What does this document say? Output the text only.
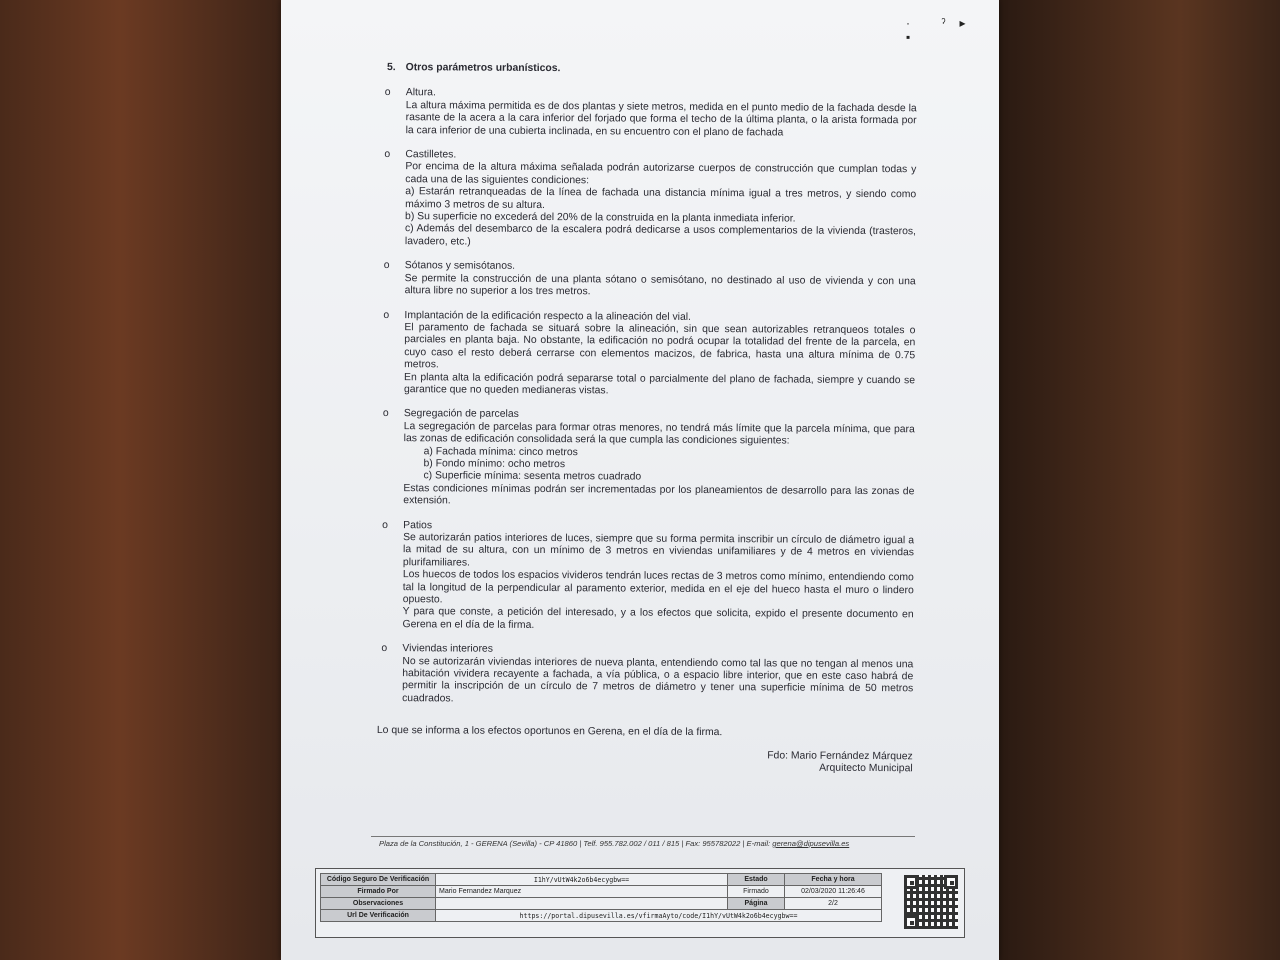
· ˀ▸ ▪
5. Otros parámetros urbanísticos.
o Altura.

La altura máxima permitida es de dos plantas y siete metros, medida en el punto medio de la fachada desde la rasante de la acera a la cara inferior del forjado que forma el techo de la última planta, o la arista formada por la cara inferior de una cubierta inclinada, en su encuentro con el plano de fachada

o Castilletes.

Por encima de la altura máxima señalada podrán autorizarse cuerpos de construcción que cumplan todas y cada una de las siguientes condiciones:

a) Estarán retranqueadas de la línea de fachada una distancia mínima igual a tres metros, y siendo como máximo 3 metros de su altura.

b) Su superficie no excederá del 20% de la construida en la planta inmediata inferior.

c) Además del desembarco de la escalera podrá dedicarse a usos complementarios de la vivienda (trasteros, lavadero, etc.)

o Sótanos y semisótanos.

Se permite la construcción de una planta sótano o semisótano, no destinado al uso de vivienda y con una altura libre no superior a los tres metros.

o Implantación de la edificación respecto a la alineación del vial.

El paramento de fachada se situará sobre la alineación, sin que sean autorizables retranqueos totales o parciales en planta baja. No obstante, la edificación no podrá ocupar la totalidad del frente de la parcela, en cuyo caso el resto deberá cerrarse con elementos macizos, de fabrica, hasta una altura mínima de 0.75 metros.

En planta alta la edificación podrá separarse total o parcialmente del plano de fachada, siempre y cuando se garantice que no queden medianeras vistas.

o Segregación de parcelas

La segregación de parcelas para formar otras menores, no tendrá más límite que la parcela mínima, que para las zonas de edificación consolidada será la que cumpla las condiciones siguientes:

a) Fachada mínima: cinco metros

b) Fondo mínimo: ocho metros

c) Superficie mínima: sesenta metros cuadrado

Estas condiciones mínimas podrán ser incrementadas por los planeamientos de desarrollo para las zonas de extensión.

o Patios

Se autorizarán patios interiores de luces, siempre que su forma permita inscribir un círculo de diámetro igual a la mitad de su altura, con un mínimo de 3 metros en viviendas unifamiliares y de 4 metros en viviendas plurifamiliares.

Los huecos de todos los espacios vivideros tendrán luces rectas de 3 metros como mínimo, entendiendo como tal la longitud de la perpendicular al paramento exterior, medida en el eje del hueco hasta el muro o lindero opuesto.

Y para que conste, a petición del interesado, y a los efectos que solicita, expido el presente documento en Gerena en el día de la firma.

o Viviendas interiores

No se autorizarán viviendas interiores de nueva planta, entendiendo como tal las que no tengan al menos una habitación vividera recayente a fachada, a vía pública, o a espacio libre interior, que en este caso habrá de permitir la inscripción de un círculo de 7 metros de diámetro y tener una superficie mínima de 50 metros cuadrados.

Lo que se informa a los efectos oportunos en Gerena, en el día de la firma.

Fdo: Mario Fernández Márquez
Arquitecto Municipal
Plaza de la Constitución, 1 - GERENA (Sevilla) - CP 41860 | Telf. 955.782.002 / 011 / 815 | Fax: 955782022 | E-mail: gerena@dipusevilla.es
Código Seguro De Verificación	I1hY/vUtW4k2o6b4ecygbw==	Estado	Fecha y hora
Firmado Por	Mario Fernandez Marquez	Firmado	02/03/2020 11:26:46
Observaciones		Página	2/2
Url De Verificación	https://portal.dipusevilla.es/vfirmaAyto/code/I1hY/vUtW4k2o6b4ecygbw==		
